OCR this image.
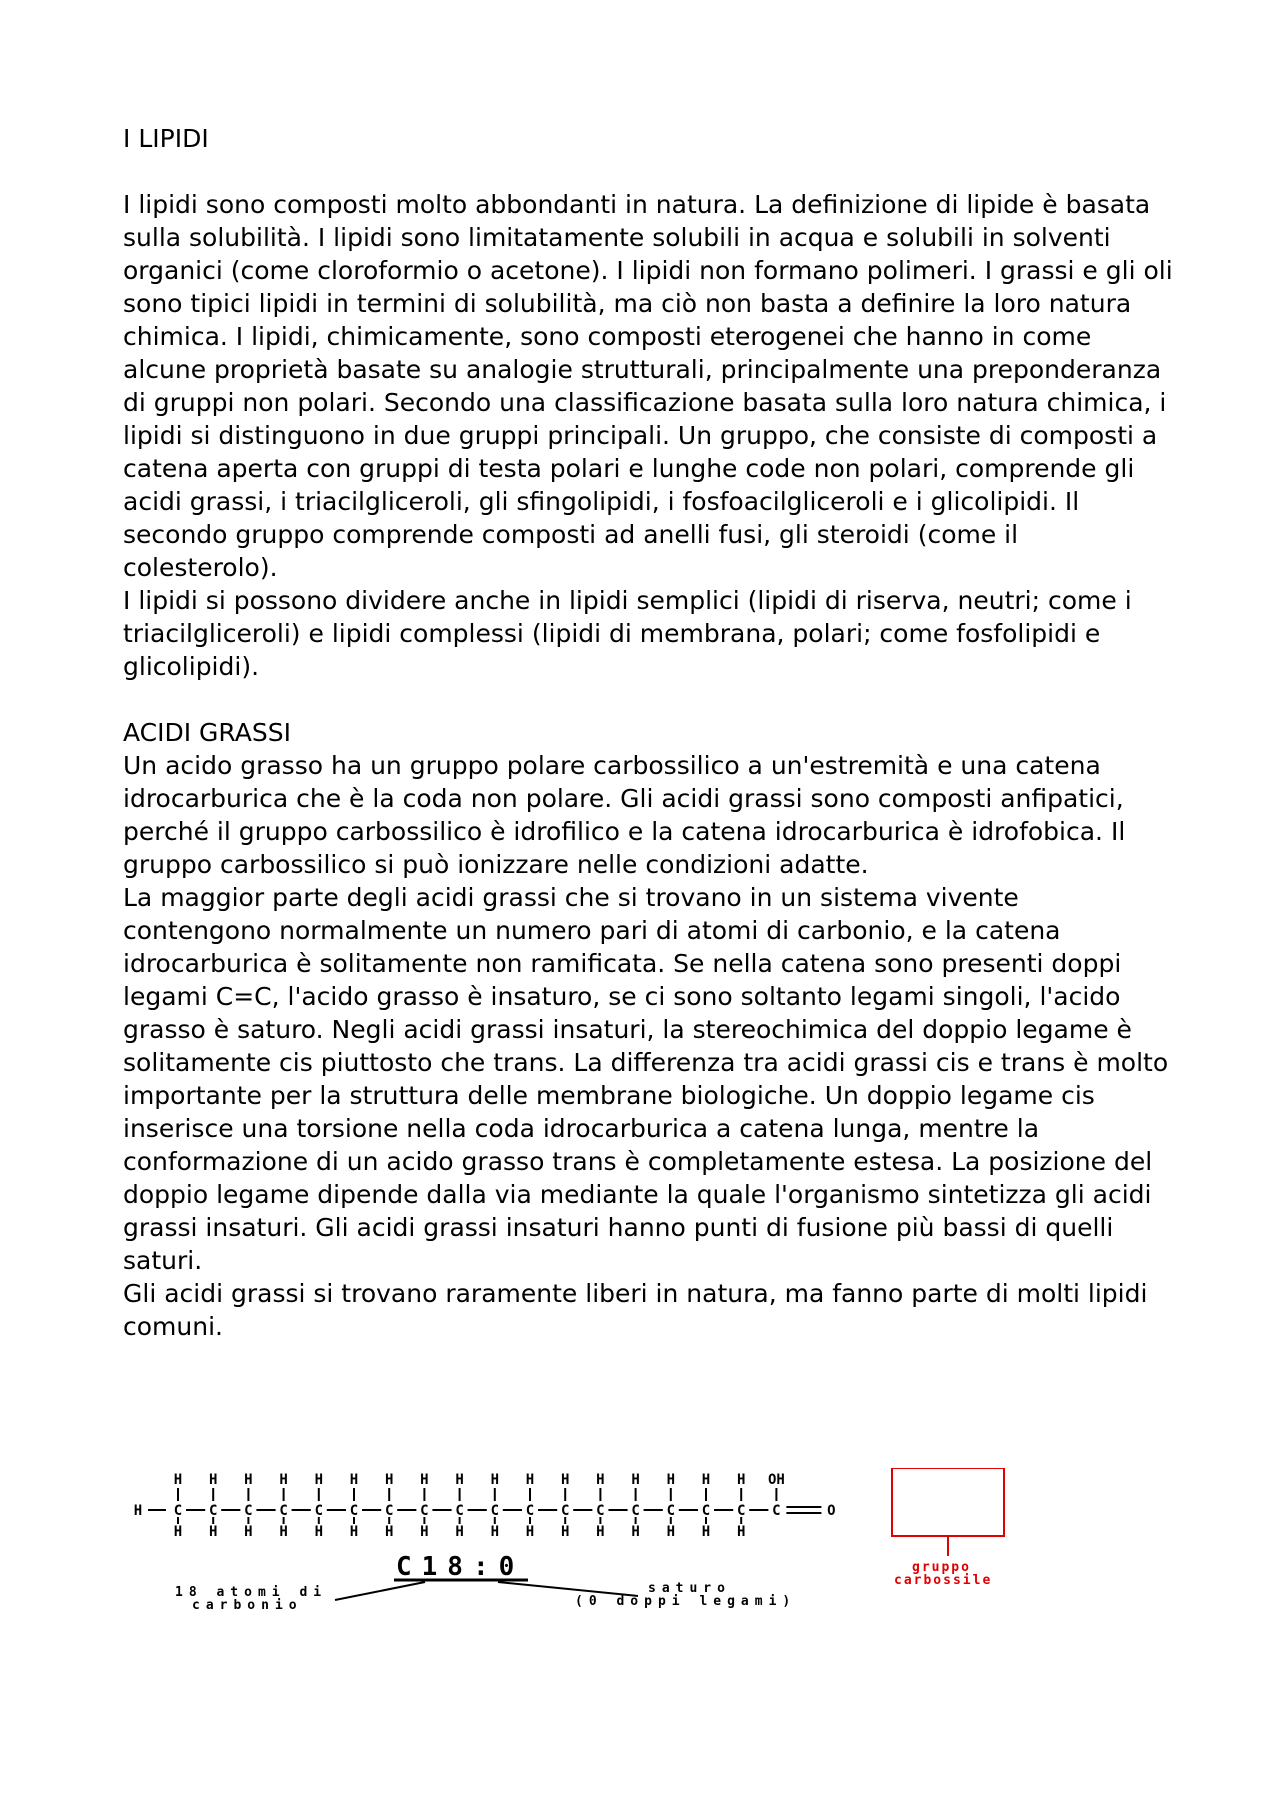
I LIPIDI

I lipidi sono composti molto abbondanti in natura. La definizione di lipide è basata sulla solubilità. I lipidi sono limitatamente solubili in acqua e solubili in solventi organici (come cloroformio o acetone). I lipidi non formano polimeri. I grassi e gli oli sono tipici lipidi in termini di solubilità, ma ciò non basta a definire la loro natura chimica. I lipidi, chimicamente, sono composti eterogenei che hanno in come alcune proprietà basate su analogie strutturali, principalmente una preponderanza di gruppi non polari. Secondo una classificazione basata sulla loro natura chimica, i lipidi si distinguono in due gruppi principali. Un gruppo, che consiste di composti a catena aperta con gruppi di testa polari e lunghe code non polari, comprende gli acidi grassi, i triacilglicerolі, gli sfingolipidi, i fosfoacilglicerolі e i glicolipidi. Il secondo gruppo comprende composti ad anelli fusi, gli steroidi (come il colesterolo).

I lipidi si possono dividere anche in lipidi semplici (lipidi di riserva, neutri; come i triacilglicerolі) e lipidi complessi (lipidi di membrana, polari; come fosfolipidi e glicolipidi).

ACIDI GRASSI

Un acido grasso ha un gruppo polare carbossilico a un'estremità e una catena idrocarburica che è la coda non polare. Gli acidi grassi sono composti anfipatici, perché il gruppo carbossilico è idrofilico e la catena idrocarburica è idrofobica. Il gruppo carbossilico si può ionizzare nelle condizioni adatte.

La maggior parte degli acidi grassi che si trovano in un sistema vivente contengono normalmente un numero pari di atomi di carbonio, e la catena idrocarburica è solitamente non ramificata. Se nella catena sono presenti doppi legami C=C, l'acido grasso è insaturo, se ci sono soltanto legami singoli, l'acido grasso è saturo. Negli acidi grassi insaturi, la stereochimica del doppio legame è solitamente cis piuttosto che trans. La differenza tra acidi grassi cis e trans è molto importante per la struttura delle membrane biologiche. Un doppio legame cis inserisce una torsione nella coda idrocarburica a catena lunga, mentre la conformazione di un acido grasso trans è completamente estesa. La posizione del doppio legame dipende dalla via mediante la quale l'organismo sintetizza gli acidi grassi insaturi. Gli acidi grassi insaturi hanno punti di fusione più bassi di quelli saturi.

Gli acidi grassi si trovano raramente liberi in natura, ma fanno parte di molti lipidi comuni.

H
H
C
H
H
C
H
H
C
H
H
C
H
H
C
H
H
C
H
H
C
H
H
C
H
H
C
H
H
C
H
H
C
H
H
C
H
H
C
H
H
C
H
H
C
H
H
C
H
H
C
H
OH
C	O
gruppo
carbossile
C18:0
18 atomi di
carbonio
saturo
(0 doppi legami)
